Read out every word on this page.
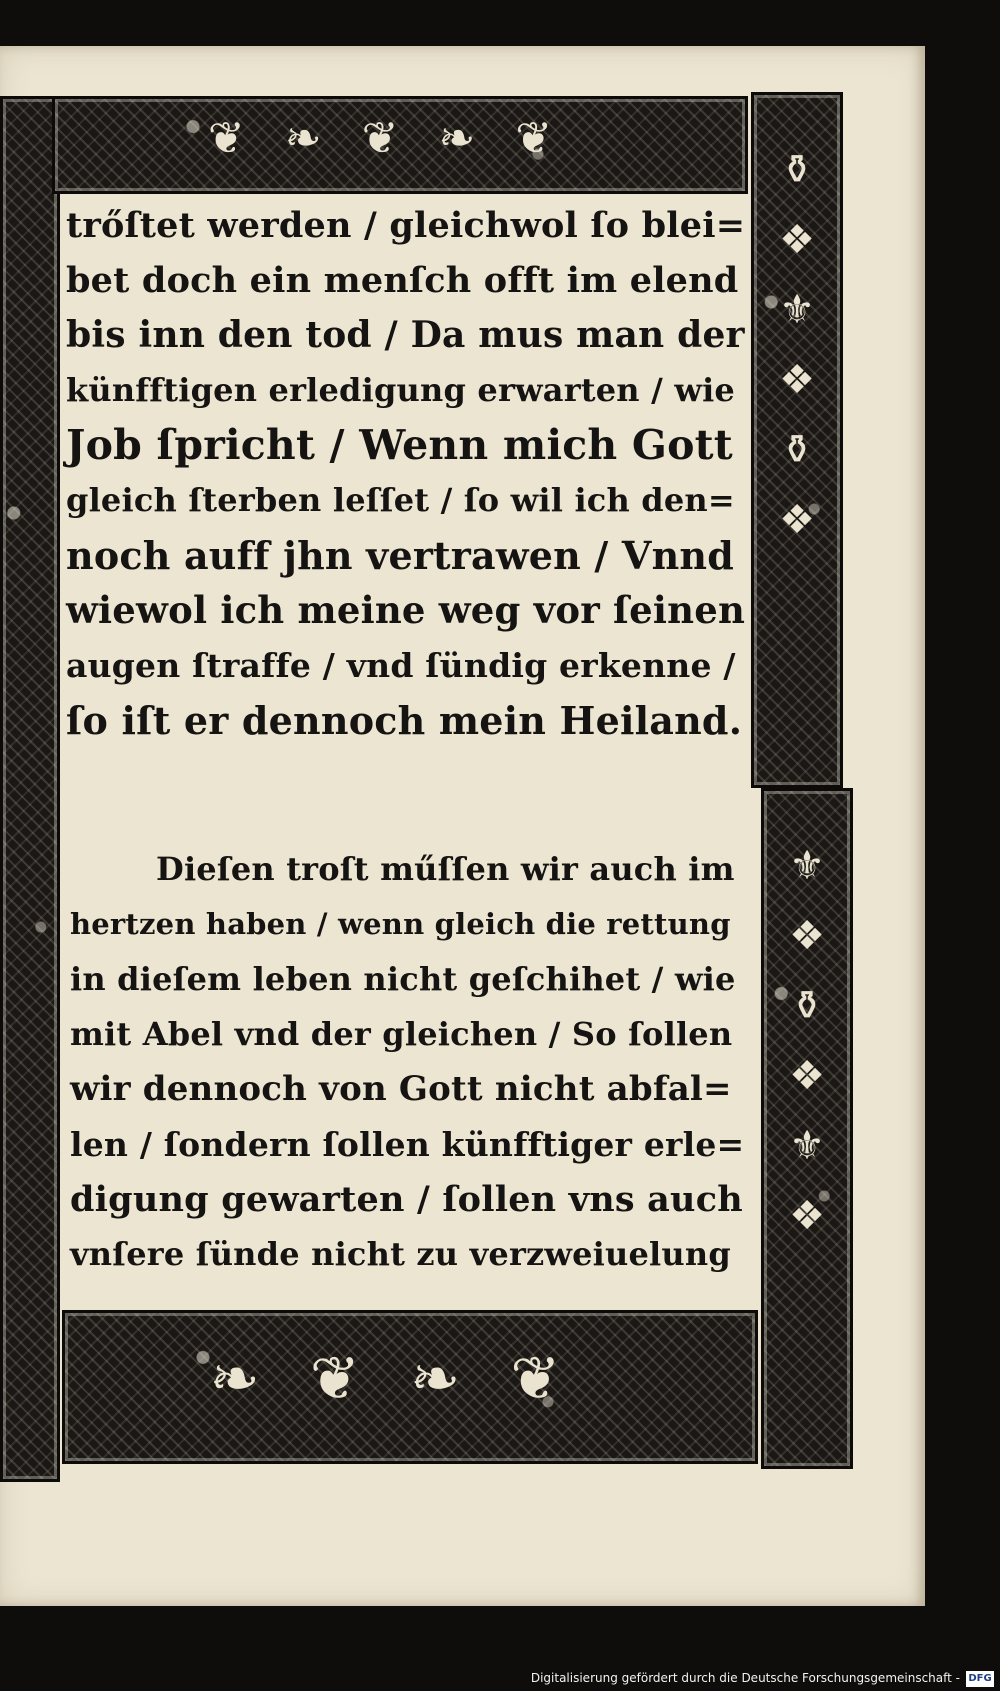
❦❧❦❧❦
⚱
❖
⚜
❖
⚱
❖
⚜
❖
⚱
❖
⚜
❖
❧❦❧❦
trőſtet werden / gleichwol ſo blei=
bet doch ein menſch offt im elend
bis inn den tod / Da mus man der
künfftigen erledigung erwarten / wie
Job ſpricht / Wenn mich Gott
gleich ſterben leſſet / ſo wil ich den=
noch auff jhn vertrawen / Vnnd
wiewol ich meine weg vor ſeinen
augen ſtraffe / vnd ſündig erkenne /
ſo iſt er dennoch mein Heiland.
Dieſen troſt műſſen wir auch im
hertzen haben / wenn gleich die rettung
in dieſem leben nicht geſchihet / wie
mit Abel vnd der gleichen / So ſollen
wir dennoch von Gott nicht abfal=
len / ſondern ſollen künfftiger erle=
digung gewarten / ſollen vns auch
vnſere ſünde nicht zu verzweiuelung
Digitalisierung gefördert durch die Deutsche Forschungsgemeinschaft - DFG
